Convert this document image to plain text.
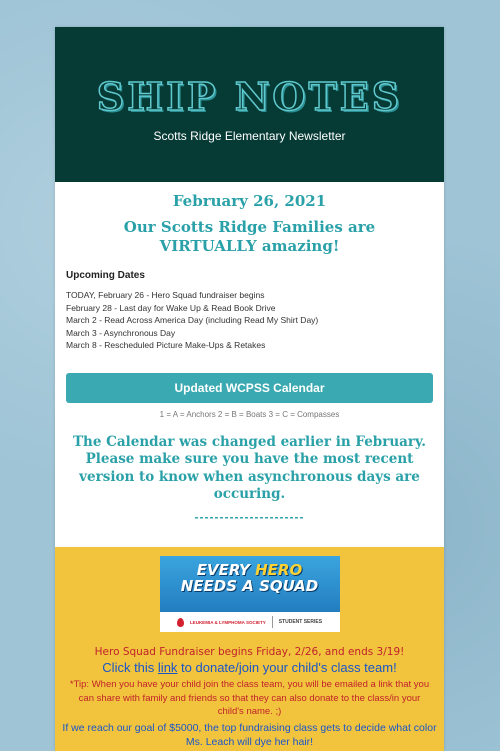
SHIP NOTES
Scotts Ridge Elementary Newsletter
February 26, 2021
Our Scotts Ridge Families are VIRTUALLY amazing!
Upcoming Dates
TODAY, February 26 - Hero Squad fundraiser begins
February 28 - Last day for Wake Up & Read Book Drive
March 2 - Read Across America Day (including Read My Shirt Day)
March 3 - Asynchronous Day
March 8 - Rescheduled Picture Make-Ups & Retakes
Updated WCPSS Calendar
1 = A = Anchors 2 = B = Boats 3 = C = Compasses
The Calendar was changed earlier in February. Please make sure you have the most recent version to know when asynchronous days are occuring.
----------------------
EVERY HERO
NEEDS A SQUAD
LEUKEMIA & LYMPHOMA SOCIETY	STUDENT SERIES
Hero Squad Fundraiser begins Friday, 2/26, and ends 3/19!
Click this link to donate/join your child's class team!
*Tip: When you have your child join the class team, you will be emailed a link that you can share with family and friends so that they can also donate to the class/in your child's name. ;)
If we reach our goal of $5000, the top fundraising class gets to decide what color Ms. Leach will dye her hair!
